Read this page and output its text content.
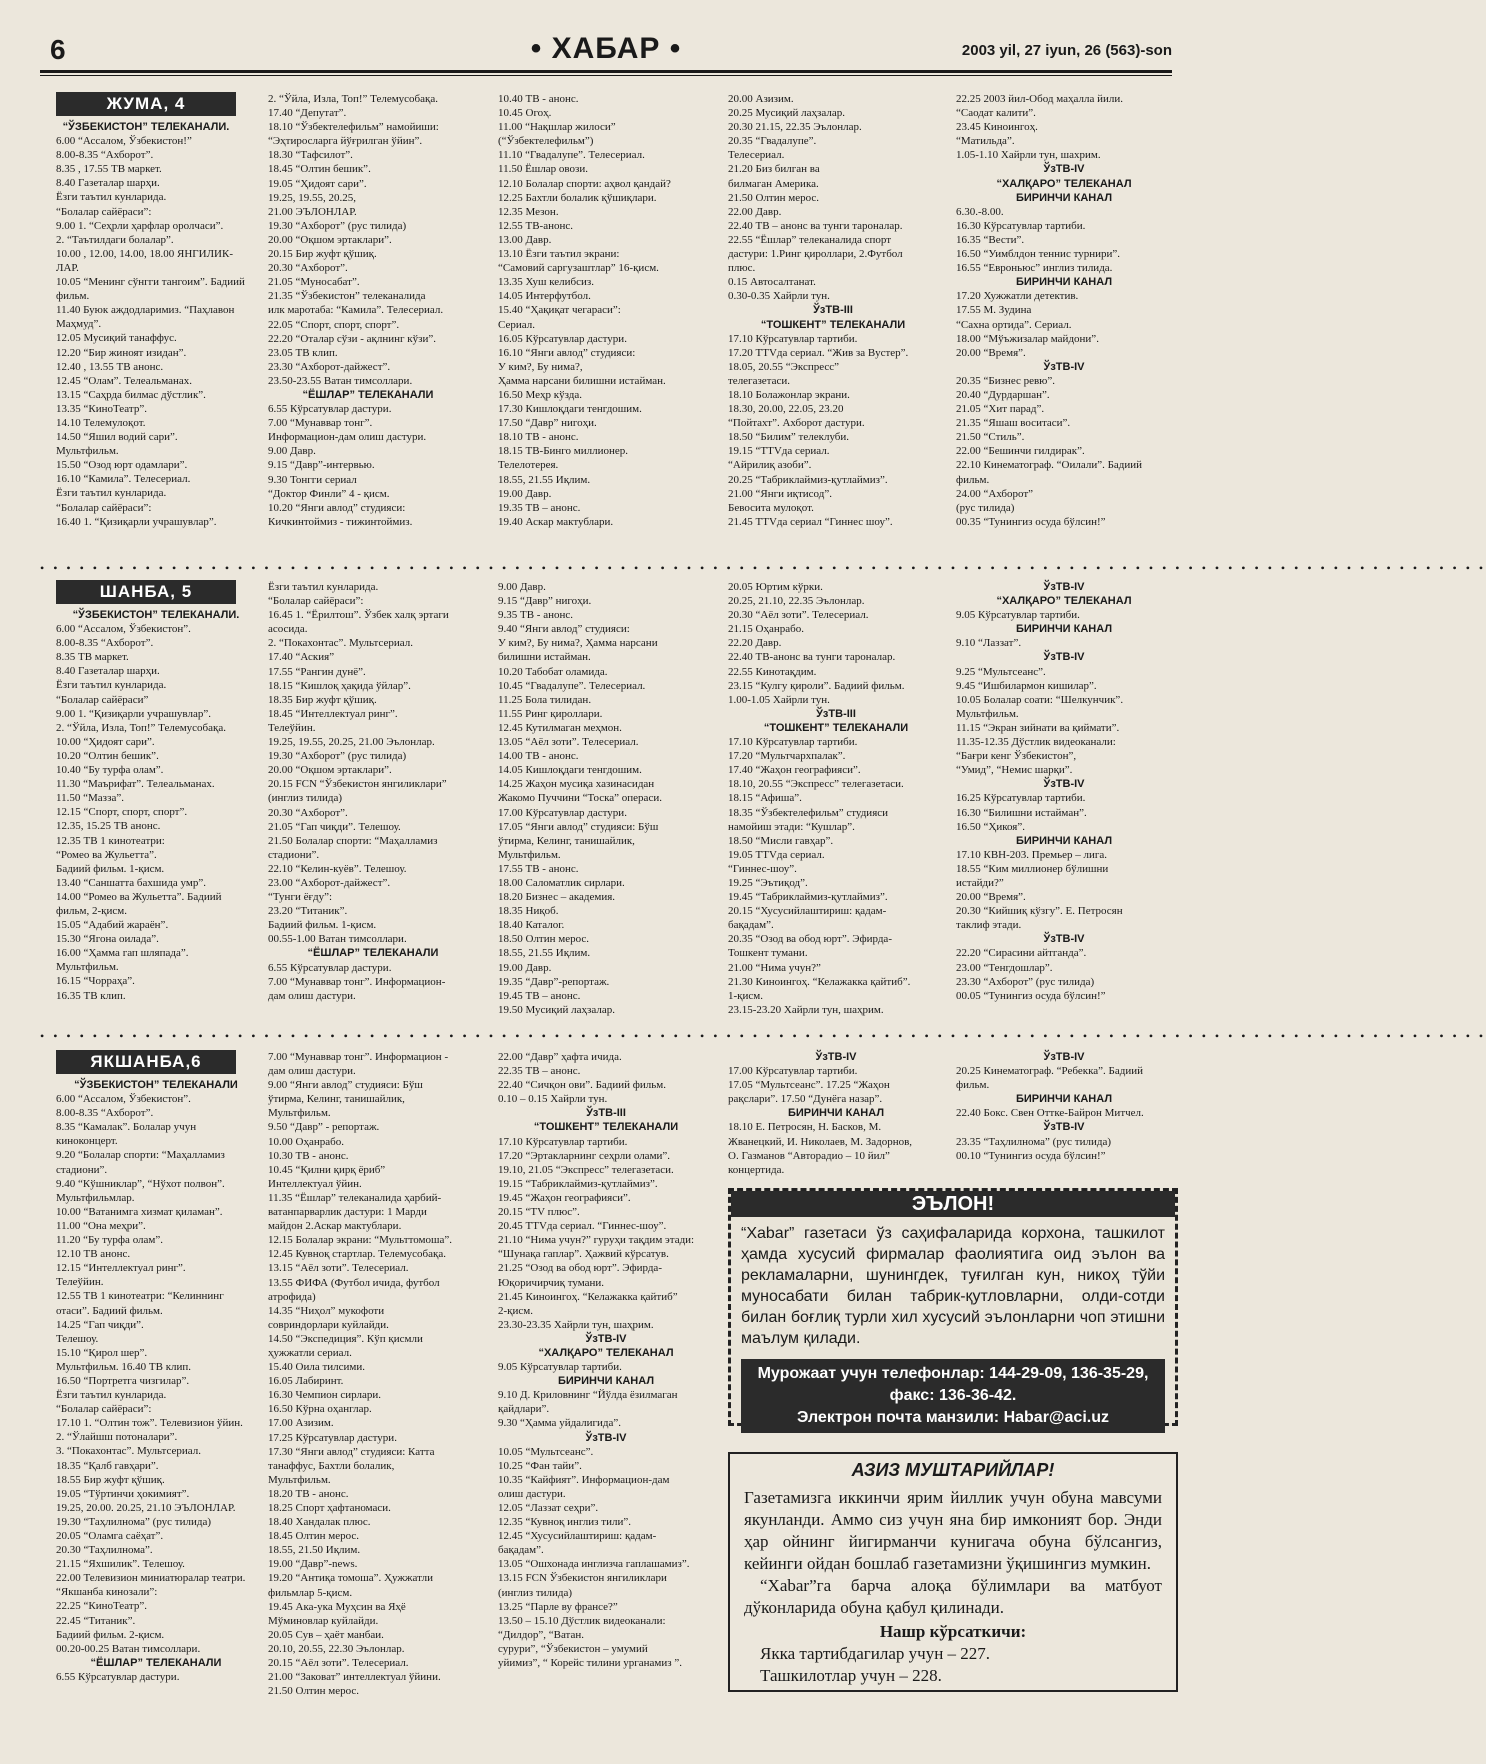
6	• ХАБАР •	2003 yil, 27 iyun, 26 (563)-son
ЖУМА, 4
“ЎЗБЕКИСТОН” ТЕЛЕКАНАЛИ.
6.00 “Ассалом, Ўзбекистон!”
8.00-8.35 “Ахборот”.
8.35 , 17.55 ТВ маркет.
8.40 Газеталар шарҳи.
Ёзги таътил кунларида.
“Болалар сайёраси”:
9.00 1. “Сеҳрли ҳарфлар оролчаси”.
2. “Таътилдаги болалар”.
10.00 , 12.00, 14.00, 18.00 ЯНГИЛИК-
ЛАР.
10.05 “Менинг сўнгги тангоим”. Бадиий
фильм.
11.40 Буюк аждодларимиз. “Паҳлавон
Маҳмуд”.
12.05 Мусиқий танаффус.
12.20 “Бир жиноят изидан”.
12.40 , 13.55 ТВ анонс.
12.45 “Олам”. Телеальманах.
13.15 “Саҳрда билмас дўстлик”.
13.35 “КиноТеатр”.
14.10 Телемулоқот.
14.50 “Яшил водий сари”.
Мультфильм.
15.50 “Озод юрт одамлари”.
16.10 “Камила”. Телесериал.
Ёзги таътил кунларида.
“Болалар сайёраси”:
16.40 1. “Қизиқарли учрашувлар”.
2. “Ўйла, Изла, Топ!” Телемусобақа.
17.40 “Депутат”.
18.10 “Ўзбектелефильм” намойиши:
“Эҳтиросларга йўғрилган ўйин”.
18.30 “Тафсилот”.
18.45 “Олтин бешик”.
19.05 “Ҳидоят сари”.
19.25, 19.55, 20.25,
21.00 ЭЪЛОНЛАР.
19.30 “Ахборот” (рус тилида)
20.00 “Оқшом эртаклари”.
20.15 Бир жуфт қўшиқ.
20.30 “Ахборот”.
21.05 “Муносабат”.
21.35 “Ўзбекистон” телеканалида
илк маротаба: “Камила”. Телесериал.
22.05 “Спорт, спорт, спорт”.
22.20 “Оталар сўзи - ақлнинг кўзи”.
23.05 ТВ клип.
23.30 “Ахборот-дайжест”.
23.50-23.55 Ватан тимсоллари.
“ЁШЛАР” ТЕЛЕКАНАЛИ
6.55 Кўрсатувлар дастури.
7.00 “Мунаввар тонг”.
Информацион-дам олиш дастури.
9.00 Давр.
9.15 “Давр”-интервью.
9.30 Тонгги сериал
“Доктор Финли” 4 - қисм.
10.20 “Янги авлод” студияси:
Кичкинтоймиз - тижинтоймиз.
10.40 ТВ - анонс.
10.45 Огоҳ.
11.00 “Нақшлар жилоси”
(“Ўзбектелефильм”)
11.10 “Гвадалупе”. Телесериал.
11.50 Ёшлар овози.
12.10 Болалар спорти: аҳвол қандай?
12.25 Бахтли болалик қўшиқлари.
12.35 Мезон.
12.55 ТВ-анонс.
13.00 Давр.
13.10 Ёзги таътил экрани:
“Самовий саргузаштлар” 16-қисм.
13.35 Хуш келибсиз.
14.05 Интерфутбол.
15.40 “Ҳақиқат чегараси”:
Сериал.
16.05 Кўрсатувлар дастури.
16.10 “Янги авлод” студияси:
У ким?, Бу нима?,
Ҳамма нарсани билишни истайман.
16.50 Меҳр кўзда.
17.30 Кишлоқдаги тенгдошим.
17.50 “Давр” нигоҳи.
18.10 ТВ - анонс.
18.15 ТВ-Бинго миллионер.
Телелотерея.
18.55, 21.55 Иқлим.
19.00 Давр.
19.35 ТВ – анонс.
19.40 Аскар мактублари.
20.00 Азизим.
20.25 Мусиқий лаҳзалар.
20.30 21.15, 22.35 Эълонлар.
20.35 “Гвадалупе”.
Телесериал.
21.20 Биз билган ва
билмаган Америка.
21.50 Олтин мерос.
22.00 Давр.
22.40 ТВ – анонс ва тунги тароналар.
22.55 “Ёшлар” телеканалида спорт
дастури: 1.Ринг қироллари, 2.Футбол
плюс.
0.15 Автосалтанат.
0.30-0.35 Хайрли тун.
ЎзТВ-III
“ТОШКЕНТ” ТЕЛЕКАНАЛИ
17.10 Кўрсатувлар тартиби.
17.20 ТТVда сериал. “Жив за Вустер”.
18.05, 20.55 “Экспресс”
телегазетаси.
18.10 Болажонлар экрани.
18.30, 20.00, 22.05, 23.20
“Пойтахт”. Ахборот дастури.
18.50 “Билим” телеклуби.
19.15 “ТТVда сериал.
“Айрилиқ азоби”.
20.25 “Табриклаймиз-қутлаймиз”.
21.00 “Янги иқтисод”.
Бевосита мулоқот.
21.45 ТТVда сериал “Гиннес шоу”.
22.25 2003 йил-Обод маҳалла йили.
“Саодат калити”.
23.45 Киноингоҳ.
“Матильда”.
1.05-1.10 Хайрли тун, шахрим.
ЎзТВ-IV
“ХАЛҚАРО” ТЕЛЕКАНАЛ
БИРИНЧИ КАНАЛ
6.30.-8.00.
16.30 Кўрсатувлар тартиби.
16.35 “Вести”.
16.50 “Уимблдон теннис турнири”.
16.55 “Евроньюс” инглиз тилида.
БИРИНЧИ КАНАЛ
17.20 Хужжатли детектив.
17.55 М. Зудина
“Сахна ортида”. Сериал.
18.00 “Мўъжизалар майдони”.
20.00 “Время”.
ЎзТВ-IV
20.35 “Бизнес ревю”.
20.40 “Дурдаршан”.
21.05 “Хит парад”.
21.35 “Яшаш воситаси”.
21.50 “Стиль”.
22.00 “Бешинчи гилдирак”.
22.10 Кинематограф. “Оилали”. Бадиий
фильм.
24.00 “Ахборот”
(рус тилида)
00.35 “Тунингиз осуда бўлсин!”
• • • • • • • • • • • • • • • • • • • • • • • • • • • • • • • • • • • • • • • • • • • • • • • • • • • • • • • • • • • • • • • • • • • • • • • • • • • • • • • • • • • • • • • • • • • • • • • • • • • • • • • • • • • • • •
ШАНБА, 5
“ЎЗБЕКИСТОН” ТЕЛЕКАНАЛИ.
6.00 “Ассалом, Ўзбекистон”.
8.00-8.35 “Ахборот”.
8.35 ТВ маркет.
8.40 Газеталар шарҳи.
Ёзги таътил кунларида.
“Болалар сайёраси”
9.00 1. “Қизиқарли учрашувлар”.
2. “Ўйла, Изла, Топ!” Телемусобақа.
10.00 “Ҳидоят сари”.
10.20 “Олтин бешик”.
10.40 “Бу турфа олам”.
11.30 “Маърифат”. Телеальманах.
11.50 “Мазза”.
12.15 “Спорт, спорт, спорт”.
12.35, 15.25 ТВ анонс.
12.35 ТВ 1 кинотеатри:
“Ромео ва Жульетта”.
Бадиий фильм. 1-қисм.
13.40 “Саншатта бахшида умр”.
14.00 “Ромео ва Жульетта”. Бадиий
фильм, 2-қисм.
15.05 “Адабий жараён”.
15.30 “Ягона оилада”.
16.00 “Ҳамма гап шляпада”.
Мультфильм.
16.15 “Чорраҳа”.
16.35 ТВ клип.
Ёзги таътил кунларида.
“Болалар сайёраси”:
16.45 1. “Ёрилтош”. Ўзбек халқ эртаги
асосида.
2. “Покахонтас”. Мультсериал.
17.40 “Аския”
17.55 “Рангин дунё”.
18.15 “Кишлоқ ҳақида ўйлар”.
18.35 Бир жуфт қўшиқ.
18.45 “Интеллектуал ринг”.
Телеўйин.
19.25, 19.55, 20.25, 21.00 Эълонлар.
19.30 “Ахборот” (рус тилида)
20.00 “Оқшом эртаклари”.
20.15 FCN “Ўзбекистон янгиликлари”
(инглиз тилида)
20.30 “Ахборот”.
21.05 “Гап чиқди”. Телешоу.
21.50 Болалар спорти: “Маҳалламиз
стадиони”.
22.10 “Келин-куёв”. Телешоу.
23.00 “Ахборот-дайжест”.
“Тунги ёғду”:
23.20 “Титаник”.
Бадиий фильм. 1-қисм.
00.55-1.00 Ватан тимсоллари.
“ЁШЛАР” ТЕЛЕКАНАЛИ
6.55 Кўрсатувлар дастури.
7.00 “Мунаввар тонг”. Информацион-
дам олиш дастури.
9.00 Давр.
9.15 “Давр” нигоҳи.
9.35 ТВ - анонс.
9.40 “Янги авлод” студияси:
У ким?, Бу нима?, Ҳамма нарсани
билишни истайман.
10.20 Табобат оламида.
10.45 “Гвадалупе”. Телесериал.
11.25 Бола тилидан.
11.55 Ринг қироллари.
12.45 Кутилмаган меҳмон.
13.05 “Аёл зоти”. Телесериал.
14.00 ТВ - анонс.
14.05 Кишлоқдаги тенгдошим.
14.25 Жаҳон мусиқа хазинасидан
Жакомо Пуччини “Тоска” операси.
17.00 Кўрсатувлар дастури.
17.05 “Янги авлод” студияси: Бўш
ўтирма, Келинг, танишайлик,
Мультфильм.
17.55 ТВ - анонс.
18.00 Саломатлик сирлари.
18.20 Бизнес – академия.
18.35 Ниқоб.
18.40 Каталог.
18.50 Олтин мерос.
18.55, 21.55 Иқлим.
19.00 Давр.
19.35 “Давр”-репортаж.
19.45 ТВ – анонс.
19.50 Мусиқий лаҳзалар.
20.05 Юртим кўрки.
20.25, 21.10, 22.35 Эълонлар.
20.30 “Аёл зоти”. Телесериал.
21.15 Оҳанрабо.
22.20 Давр.
22.40 ТВ-анонс ва тунги тароналар.
22.55 Кинотақдим.
23.15 “Кулгу қироли”. Бадиий фильм.
1.00-1.05 Хайрли тун.
ЎзТВ-III
“ТОШКЕНТ” ТЕЛЕКАНАЛИ
17.10 Кўрсатувлар тартиби.
17.20 “Мультчархпалак”.
17.40 “Жаҳон географияси”.
18.10, 20.55 “Экспресс” телегазетаси.
18.15 “Афиша”.
18.35 “Ўзбектелефильм” студияси
намойиш этади: “Кушлар”.
18.50 “Мисли гавҳар”.
19.05 ТТVда сериал.
“Гиннес-шоу”.
19.25 “Эътиқод”.
19.45 “Табриклаймиз-қутлаймиз”.
20.15 “Хусусийлаштириш: қадам-
бақадам”.
20.35 “Озод ва обод юрт”. Эфирда-
Тошкент тумани.
21.00 “Нима учун?”
21.30 Киноингоҳ. “Келажакка қайтиб”.
1-қисм.
23.15-23.20 Хайрли тун, шаҳрим.
ЎзТВ-IV
“ХАЛҚАРО” ТЕЛЕКАНАЛ
9.05 Кўрсатувлар тартиби.
БИРИНЧИ КАНАЛ
9.10 “Лаззат”.
ЎзТВ-IV
9.25 “Мультсеанс”.
9.45 “Ишбилармон кишилар”.
10.05 Болалар соати: “Шелкунчик”.
Мультфильм.
11.15 “Экран зийнати ва қиймати”.
11.35-12.35 Дўстлик видеоканали:
“Бағри кенг Ўзбекистон”,
“Умид”, “Немис шарқи”.
ЎзТВ-IV
16.25 Кўрсатувлар тартиби.
16.30 “Билишни истайман”.
16.50 “Ҳикоя”.
БИРИНЧИ КАНАЛ
17.10 КВН-203. Премьер – лига.
18.55 “Ким миллионер бўлишни
истайди?”
20.00 “Время”.
20.30 “Кийшиқ кўзгу”. Е. Петросян
таклиф этади.
ЎзТВ-IV
22.20 “Сирасини айтганда”.
23.00 “Тенгдошлар”.
23.30 “Ахборот” (рус тилида)
00.05 “Тунингиз осуда бўлсин!”
• • • • • • • • • • • • • • • • • • • • • • • • • • • • • • • • • • • • • • • • • • • • • • • • • • • • • • • • • • • • • • • • • • • • • • • • • • • • • • • • • • • • • • • • • • • • • • • • • • • • • • • • • • • • • •
ЯКШАНБА,6
“ЎЗБЕКИСТОН” ТЕЛЕКАНАЛИ
6.00 “Ассалом, Ўзбекистон”.
8.00-8.35 “Ахборот”.
8.35 “Камалак”. Болалар учун
киноконцерт.
9.20 “Болалар спорти: “Маҳалламиз
стадиони”.
9.40 “Кўшниклар”, “Нўхот полвон”.
Мультфильмлар.
10.00 “Ватанимга хизмат қиламан”.
11.00 “Она меҳри”.
11.20 “Бу турфа олам”.
12.10 ТВ анонс.
12.15 “Интеллектуал ринг”.
Телеўйин.
12.55 ТВ 1 кинотеатри: “Келиннинг
отаси”. Бадиий фильм.
14.25 “Гап чиқди”.
Телешоу.
15.10 “Қирол шер”.
Мультфильм. 16.40 ТВ клип.
16.50 “Портретга чизгилар”.
Ёзги таътил кунларида.
“Болалар сайёраси”:
17.10 1. “Олтин тож”. Телевизион ўйин.
2. “Ўлайшш потоналари”.
3. “Покахонтас”. Мультсериал.
18.35 “Қалб гавҳари”.
18.55 Бир жуфт қўшиқ.
19.05 “Тўртинчи ҳокимият”.
19.25, 20.00. 20.25, 21.10 ЭЪЛОНЛАР.
19.30 “Таҳлилнома” (рус тилида)
20.05 “Оламга саёҳат”.
20.30 “Таҳлилнома”.
21.15 “Яхшилик”. Телешоу.
22.00 Телевизион миниатюралар театри.
“Якшанба кинозали”:
22.25 “КиноТеатр”.
22.45 “Титаник”.
Бадиий фильм. 2-қисм.
00.20-00.25 Ватан тимсоллари.
“ЁШЛАР” ТЕЛЕКАНАЛИ
6.55 Кўрсатувлар дастури.
7.00 “Мунаввар тонг”. Информацион -
дам олиш дастури.
9.00 “Янги авлод” студияси: Бўш
ўтирма, Келинг, танишайлик,
Мультфильм.
9.50 “Давр” - репортаж.
10.00 Оҳанрабо.
10.30 ТВ - анонс.
10.45 “Қилни қирқ ёриб”
Интеллектуал ўйин.
11.35 “Ёшлар” телеканалида ҳарбий-
ватанпарварлик дастури: 1 Марди
майдон 2.Аскар мактублари.
12.15 Болалар экрани: “Мульттомоша”.
12.45 Кувноқ стартлар. Телемусобақа.
13.15 “Аёл зоти”. Телесериал.
13.55 ФИФА (Футбол ичида, футбол
атрофида)
14.35 “Ниҳол” мукофоти
совриндорлари куйлайди.
14.50 “Экспедиция”. Кўп қисмли
ҳужжатли сериал.
15.40 Оила тилсими.
16.05 Лабиринт.
16.30 Чемпион сирлари.
16.50 Кўрна оҳанглар.
17.00 Азизим.
17.25 Кўрсатувлар дастури.
17.30 “Янги авлод” студияси: Катта
танаффус, Бахтли болалик,
Мультфильм.
18.20 ТВ - анонс.
18.25 Спорт ҳафтаномаси.
18.40 Хандалак плюс.
18.45 Олтин мерос.
18.55, 21.50 Иқлим.
19.00 “Давр”-news.
19.20 “Антиқа томоша”. Ҳужжатли
фильмлар 5-қисм.
19.45 Ака-ука Муҳсин ва Яҳё
Мўминовлар куйлайди.
20.05 Сув – ҳаёт манбаи.
20.10, 20.55, 22.30 Эълонлар.
20.15 “Аёл зоти”. Телесериал.
21.00 “Заковат” интеллектуал ўйини.
21.50 Олтин мерос.
22.00 “Давр” ҳафта ичида.
22.35 ТВ – анонс.
22.40 “Сичқон ови”. Бадиий фильм.
0.10 – 0.15 Хайрли тун.
ЎзТВ-III
“ТОШКЕНТ” ТЕЛЕКАНАЛИ
17.10 Кўрсатувлар тартиби.
17.20 “Эртакларнинг сеҳрли олами”.
19.10, 21.05 “Экспресс” телегазетаси.
19.15 “Табриклаймиз-қутлаймиз”.
19.45 “Жаҳон географияси”.
20.15 “TV плюс”.
20.45 ТТVда сериал. “Гиннес-шоу”.
21.10 “Нима учун?” гуруҳи тақдим этади:
“Шунақа гаплар”. Ҳажвий кўрсатув.
21.25 “Озод ва обод юрт”. Эфирда-
Юқоричирчиқ тумани.
21.45 Киноингоҳ. “Келажакка қайтиб”
2-қисм.
23.30-23.35 Хайрли тун, шаҳрим.
ЎзТВ-IV
“ХАЛҚАРО” ТЕЛЕКАНАЛ
9.05 Кўрсатувлар тартиби.
БИРИНЧИ КАНАЛ
9.10 Д. Криловнинг “Йўлда ёзилмаган
қайдлари”.
9.30 “Ҳамма уйдалигида”.
ЎзТВ-IV
10.05 “Мультсеанс”.
10.25 “Фан тайи”.
10.35 “Кайфият”. Информацион-дам
олиш дастури.
12.05 “Лаззат сеҳри”.
12.35 “Кувноқ инглиз тили”.
12.45 “Хусусийлаштириш: қадам-
бақадам”.
13.05 “Ошхонада инглизча гаплашамиз”.
13.15 FCN Ўзбекистон янгиликлари
(инглиз тилида)
13.25 “Парле ву франсе?”
13.50 – 15.10 Дўстлик видеоканали:
“Дилдор”, “Ватан.
сурури”, “Ўзбекистон – умумий
уйимиз”, “ Корейс тилини урганамиз ”.
ЎзТВ-IV
17.00 Кўрсатувлар тартиби.
17.05 “Мультсеанс”. 17.25 “Жаҳон
рақслари”. 17.50 “Дунёга назар”.
БИРИНЧИ КАНАЛ
18.10 Е. Петросян, Н. Басков, М.
Жванецкий, И. Николаев, М. Задорнов,
О. Газманов “Авторадио – 10 йил”
концертида.
ЎзТВ-IV
20.25 Кинематограф. “Ребекка”. Бадиий
фильм.
БИРИНЧИ КАНАЛ
22.40 Бокс. Свен Оттке-Байрон Митчел.
ЎзТВ-IV
23.35 “Таҳлилнома” (рус тилида)
00.10 “Тунингиз осуда бўлсин!”
ЭЪЛОН!
“Xabar” газетаси ўз саҳифаларида корхона, ташкилот ҳамда хусусий фирмалар фаолиятига оид эълон ва рекламаларни, шунингдек, туғилган кун, никоҳ тўйи муносабати билан табрик-қутловларни, олди-сотди билан боғлиқ турли хил хусусий эълонларни чоп этишни маълум қилади.
Мурожаат учун телефонлар: 144-29-09, 136-35-29, факс: 136-36-42.
Электрон почта манзили: Habar@aci.uz
АЗИЗ МУШТАРИЙЛАР!
Газетамизга иккинчи ярим йиллик учун обуна мавсуми якунланди. Аммо сиз учун яна бир имконият бор. Энди ҳар ойнинг йигирманчи кунигача обуна бўлсангиз, кейинги ойдан бошлаб газетамизни ўқишингиз мумкин.
“Xabar”га барча алоқа бўлимлари ва матбуот дўконларида обуна қабул қилинади.
Нашр кўрсаткичи:
Якка тартибдагилар учун – 227.
Ташкилотлар учун – 228.
